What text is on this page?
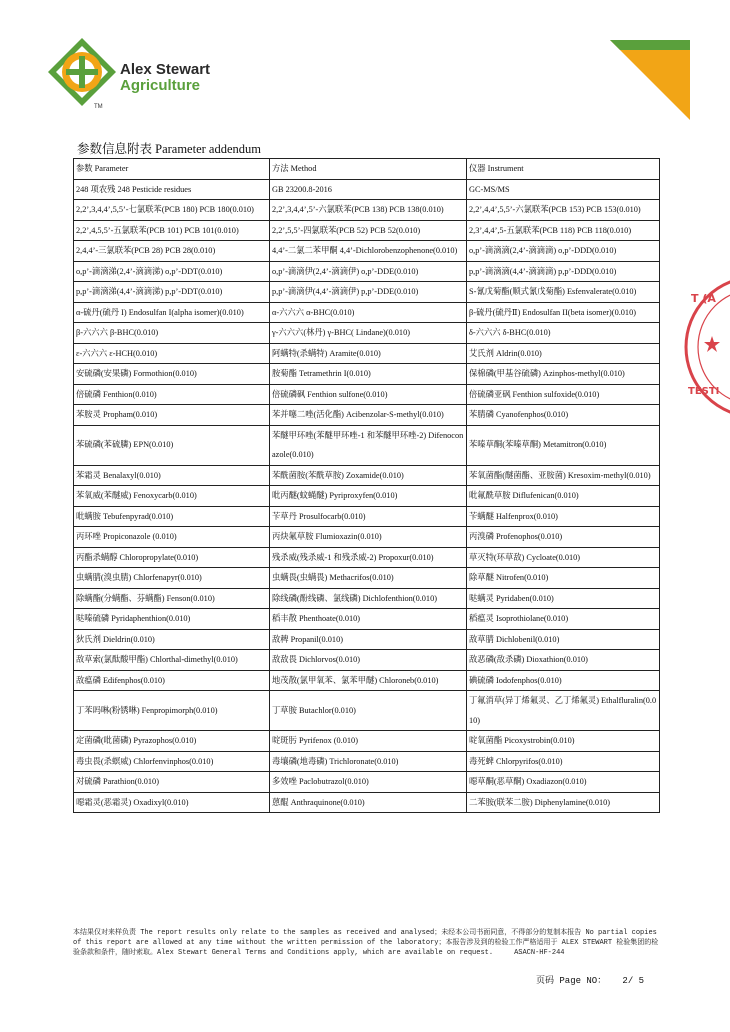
Alex Stewart
Agriculture
TM
T (A
TESTI
参数信息附表 Parameter addendum
参数 Parameter	方法 Method	仪器 Instrument
248 项农残 248 Pesticide residues	GB 23200.8-2016	GC-MS/MS
2,2’,3,4,4’,5,5’-七氯联苯(PCB 180) PCB 180(0.010)	2,2’,3,4,4’,5’-六氯联苯(PCB 138) PCB 138(0.010)	2,2’,4,4’,5,5’-六氯联苯(PCB 153) PCB 153(0.010)
2,2’,4,5,5’-五氯联苯(PCB 101) PCB 101(0.010)	2,2’,5,5’-四氯联苯(PCB 52) PCB 52(0.010)	2,3’,4,4’,5-五氯联苯(PCB 118) PCB 118(0.010)
2,4,4’-三氯联苯(PCB 28) PCB 28(0.010)	4,4’-二氯二苯甲酮 4,4’-Dichlorobenzophenone(0.010)	o,p’-滴滴滴(2,4’-滴滴滴) o,p’-DDD(0.010)
o,p’-滴滴涕(2,4’-滴滴涕) o,p’-DDT(0.010)	o,p’-滴滴伊(2,4’-滴滴伊) o,p’-DDE(0.010)	p,p’-滴滴滴(4,4’-滴滴滴) p,p’-DDD(0.010)
p,p’-滴滴涕(4,4’-滴滴涕) p,p’-DDT(0.010)	p,p’-滴滴伊(4,4’-滴滴伊) p,p’-DDE(0.010)	S-氰戊菊酯(顺式氰戊菊酯) Esfenvalerate(0.010)
α-硫丹(硫丹 I) Endosulfan I(alpha isomer)(0.010)	α-六六六 α-BHC(0.010)	β-硫丹(硫丹Ⅱ) Endosulfan II(beta isomer)(0.010)
β-六六六 β-BHC(0.010)	γ-六六六(林丹) γ-BHC( Lindane)(0.010)	δ-六六六 δ-BHC(0.010)
ε-六六六 ε-HCH(0.010)	阿螨特(杀螨特) Aramite(0.010)	艾氏剂 Aldrin(0.010)
安硫磷(安果磷) Formothion(0.010)	胺菊酯 Tetramethrin I(0.010)	保棉磷(甲基谷硫磷) Azinphos-methyl(0.010)
倍硫磷 Fenthion(0.010)	倍硫磷砜 Fenthion sulfone(0.010)	倍硫磷亚砜 Fenthion sulfoxide(0.010)
苯胺灵 Propham(0.010)	苯并噻二唑(活化酯) Acibenzolar-S-methyl(0.010)	苯腈磷 Cyanofenphos(0.010)
苯硫磷(苯硫膦) EPN(0.010)	苯醚甲环唑(苯醚甲环唑-1 和苯醚甲环唑-2) Difenoconazole(0.010)	苯嗪草酮(苯嗪草酮) Metamitron(0.010)
苯霜灵 Benalaxyl(0.010)	苯酰菌胺(苯酰草胺) Zoxamide(0.010)	苯氧菌酯(醚菌酯、亚胺菌) Kresoxim-methyl(0.010)
苯氧威(苯醚威) Fenoxycarb(0.010)	吡丙醚(蚊蝇醚) Pyriproxyfen(0.010)	吡氟酰草胺 Diflufenican(0.010)
吡螨胺 Tebufenpyrad(0.010)	苄草丹 Prosulfocarb(0.010)	苄螨醚 Halfenprox(0.010)
丙环唑 Propiconazole (0.010)	丙炔氟草胺 Flumioxazin(0.010)	丙溴磷 Profenophos(0.010)
丙酯杀螨醇 Chloropropylate(0.010)	残杀威(残杀威-1 和残杀威-2) Propoxur(0.010)	草灭特(环草敌) Cycloate(0.010)
虫螨腈(溴虫腈) Chlorfenapyr(0.010)	虫螨畏(虫螨畏) Methacrifos(0.010)	除草醚 Nitrofen(0.010)
除螨酯(分螨酯、芬螨酯) Fenson(0.010)	除线磷(酚线磷、氯线磷) Dichlofenthion(0.010)	哒螨灵 Pyridaben(0.010)
哒嗪硫磷 Pyridaphenthion(0.010)	稻丰散 Phenthoate(0.010)	稻瘟灵 Isoprothiolane(0.010)
狄氏剂 Dieldrin(0.010)	敌稗 Propanil(0.010)	敌草腈 Dichlobenil(0.010)
敌草索(氯酞酸甲酯) Chlorthal-dimethyl(0.010)	敌敌畏 Dichlorvos(0.010)	敌恶磷(敌杀磷) Dioxathion(0.010)
敌瘟磷 Edifenphos(0.010)	地茂散(氯甲氧苯、氯苯甲醚) Chloroneb(0.010)	碘硫磷 Iodofenphos(0.010)
丁苯吗啉(粉锈啉) Fenpropimorph(0.010)	丁草胺 Butachlor(0.010)	丁氟消草(异丁烯氟灵、乙丁烯氟灵) Ethalfluralin(0.010)
定菌磷(吡菌磷) Pyrazophos(0.010)	啶斑肟 Pyrifenox (0.010)	啶氧菌酯 Picoxystrobin(0.010)
毒虫畏(杀螟威) Chlorfenvinphos(0.010)	毒壤磷(地毒磷) Trichloronate(0.010)	毒死蜱 Chlorpyrifos(0.010)
对硫磷 Parathion(0.010)	多效唑 Paclobutrazol(0.010)	噁草酮(恶草酮) Oxadiazon(0.010)
噁霜灵(恶霜灵) Oxadixyl(0.010)	蒽醌 Anthraquinone(0.010)	二苯胺(联苯二胺) Diphenylamine(0.010)
本结果仅对来样负责 The report results only relate to the samples as received and analysed；未经本公司书面同意，不得部分的复制本报告 No partial copies of this report are allowed at any time without the written permission of the laboratory；本报告涉及到的检验工作严格适用于 ALEX STEWART 检验集团的检验条款和条件，随时索取。Alex Stewart General Terms and Conditions apply, which are available on request.	ASACN-HF-244
页码 Page NO： 2/ 5
